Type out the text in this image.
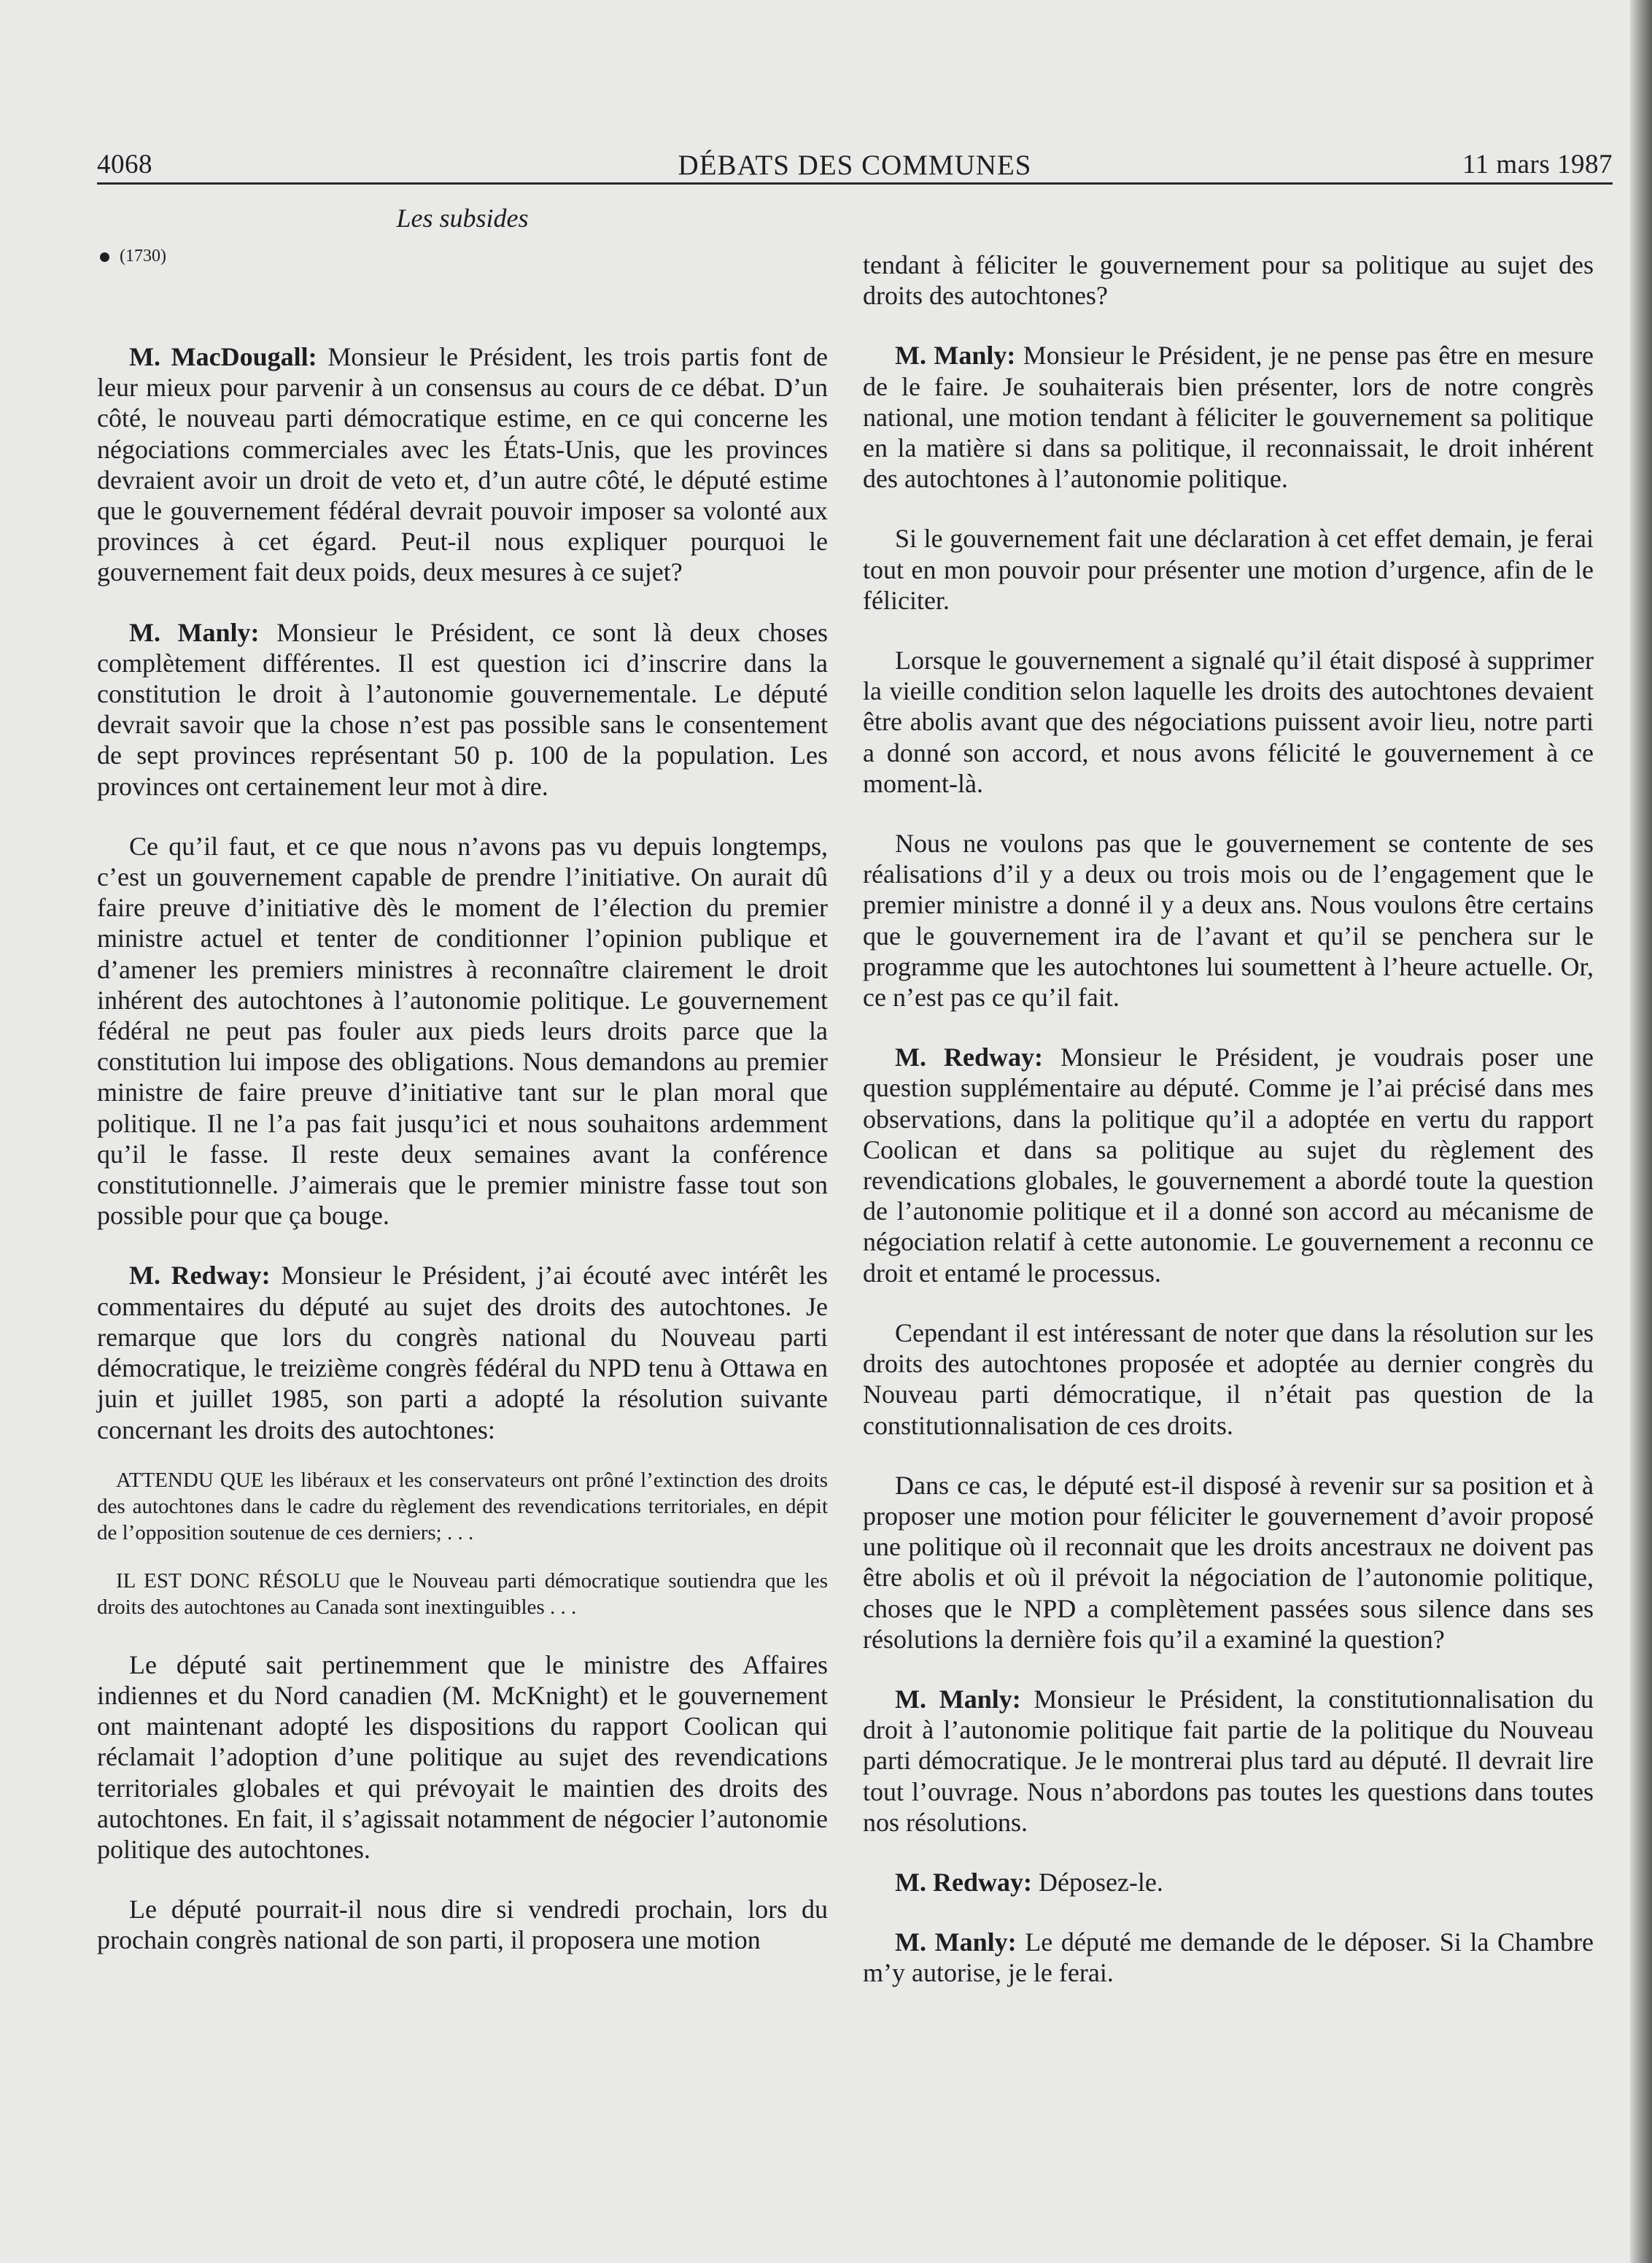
4068	DÉBATS DES COMMUNES	11 mars 1987
Les subsides
(1730)

M. MacDougall: Monsieur le Président, les trois partis font de leur mieux pour parvenir à un consensus au cours de ce débat. D’un côté, le nouveau parti démocratique estime, en ce qui concerne les négociations commerciales avec les États-Unis, que les provinces devraient avoir un droit de veto et, d’un autre côté, le député estime que le gouvernement fédéral devrait pouvoir imposer sa volonté aux provinces à cet égard. Peut-il nous expliquer pourquoi le gouvernement fait deux poids, deux mesures à ce sujet?

M. Manly: Monsieur le Président, ce sont là deux choses complètement différentes. Il est question ici d’inscrire dans la constitution le droit à l’autonomie gouvernementale. Le député devrait savoir que la chose n’est pas possible sans le consentement de sept provinces représentant 50 p. 100 de la population. Les provinces ont certainement leur mot à dire.

Ce qu’il faut, et ce que nous n’avons pas vu depuis longtemps, c’est un gouvernement capable de prendre l’initiative. On aurait dû faire preuve d’initiative dès le moment de l’élection du premier ministre actuel et tenter de conditionner l’opinion publique et d’amener les premiers ministres à reconnaître clairement le droit inhérent des autochtones à l’autonomie politique. Le gouvernement fédéral ne peut pas fouler aux pieds leurs droits parce que la constitution lui impose des obligations. Nous demandons au premier ministre de faire preuve d’initiative tant sur le plan moral que politique. Il ne l’a pas fait jusqu’ici et nous souhaitons ardemment qu’il le fasse. Il reste deux semaines avant la conférence constitutionnelle. J’aimerais que le premier ministre fasse tout son possible pour que ça bouge.

M. Redway: Monsieur le Président, j’ai écouté avec intérêt les commentaires du député au sujet des droits des autochtones. Je remarque que lors du congrès national du Nouveau parti démocratique, le treizième congrès fédéral du NPD tenu à Ottawa en juin et juillet 1985, son parti a adopté la résolution suivante concernant les droits des autochtones:

ATTENDU QUE les libéraux et les conservateurs ont prôné l’extinction des droits des autochtones dans le cadre du règlement des revendications territoriales, en dépit de l’opposition soutenue de ces derniers; . . .

IL EST DONC RÉSOLU que le Nouveau parti démocratique soutiendra que les droits des autochtones au Canada sont inextinguibles . . .

Le député sait pertinemment que le ministre des Affaires indiennes et du Nord canadien (M. McKnight) et le gouvernement ont maintenant adopté les dispositions du rapport Coolican qui réclamait l’adoption d’une politique au sujet des revendications territoriales globales et qui prévoyait le maintien des droits des autochtones. En fait, il s’agissait notamment de négocier l’autonomie politique des autochtones.

Le député pourrait-il nous dire si vendredi prochain, lors du prochain congrès national de son parti, il proposera une motion

tendant à féliciter le gouvernement pour sa politique au sujet des droits des autochtones?

M. Manly: Monsieur le Président, je ne pense pas être en mesure de le faire. Je souhaiterais bien présenter, lors de notre congrès national, une motion tendant à féliciter le gouvernement sa politique en la matière si dans sa politique, il reconnaissait, le droit inhérent des autochtones à l’autonomie politique.

Si le gouvernement fait une déclaration à cet effet demain, je ferai tout en mon pouvoir pour présenter une motion d’urgence, afin de le féliciter.

Lorsque le gouvernement a signalé qu’il était disposé à supprimer la vieille condition selon laquelle les droits des autochtones devaient être abolis avant que des négociations puissent avoir lieu, notre parti a donné son accord, et nous avons félicité le gouvernement à ce moment-là.

Nous ne voulons pas que le gouvernement se contente de ses réalisations d’il y a deux ou trois mois ou de l’engagement que le premier ministre a donné il y a deux ans. Nous voulons être certains que le gouvernement ira de l’avant et qu’il se penchera sur le programme que les autochtones lui soumettent à l’heure actuelle. Or, ce n’est pas ce qu’il fait.

M. Redway: Monsieur le Président, je voudrais poser une question supplémentaire au député. Comme je l’ai précisé dans mes observations, dans la politique qu’il a adoptée en vertu du rapport Coolican et dans sa politique au sujet du règlement des revendications globales, le gouvernement a abordé toute la question de l’autonomie politique et il a donné son accord au mécanisme de négociation relatif à cette autonomie. Le gouvernement a reconnu ce droit et entamé le processus.

Cependant il est intéressant de noter que dans la résolution sur les droits des autochtones proposée et adoptée au dernier congrès du Nouveau parti démocratique, il n’était pas question de la constitutionnalisation de ces droits.

Dans ce cas, le député est-il disposé à revenir sur sa position et à proposer une motion pour féliciter le gouvernement d’avoir proposé une politique où il reconnait que les droits ancestraux ne doivent pas être abolis et où il prévoit la négociation de l’autonomie politique, choses que le NPD a complètement passées sous silence dans ses résolutions la dernière fois qu’il a examiné la question?

M. Manly: Monsieur le Président, la constitutionnalisation du droit à l’autonomie politique fait partie de la politique du Nouveau parti démocratique. Je le montrerai plus tard au député. Il devrait lire tout l’ouvrage. Nous n’abordons pas toutes les questions dans toutes nos résolutions.

M. Redway: Déposez-le.

M. Manly: Le député me demande de le déposer. Si la Chambre m’y autorise, je le ferai.
